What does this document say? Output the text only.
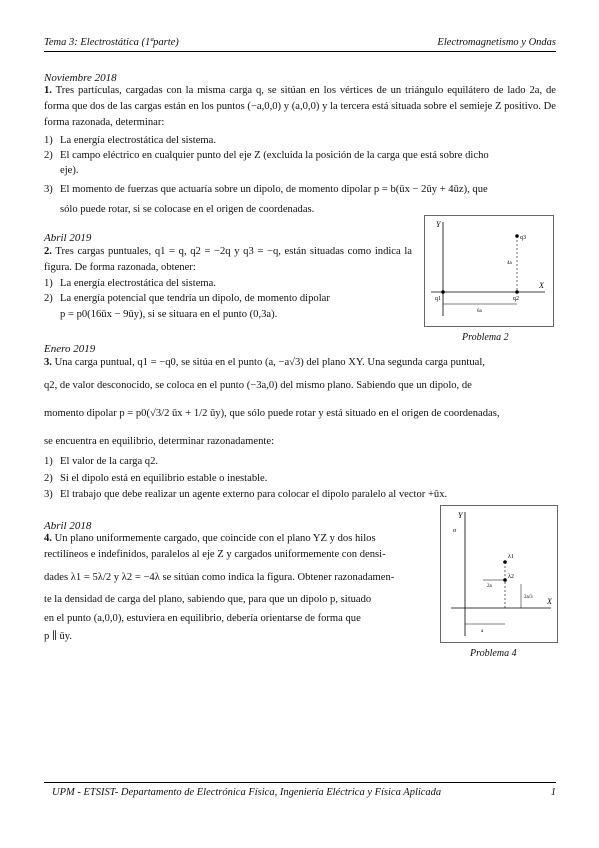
Tema 3: Electrostática (1ªparte)	Electromagnetismo y Ondas
Noviembre 2018
1. Tres partículas, cargadas con la misma carga q, se sitúan en los vértices de un triángulo equilátero de lado 2a, de forma que dos de las cargas están en los puntos (−a,0,0) y (a,0,0) y la tercera está situada sobre el semieje Z positivo. De forma razonada, determinar:
1) La energía electrostática del sistema.
2) El campo eléctrico en cualquier punto del eje Z (excluida la posición de la carga que está sobre dicho
eje).
3) El momento de fuerzas que actuaría sobre un dipolo, de momento dipolar p = b(ūx − 2ūy + 4ūz), que
sólo puede rotar, si se colocase en el origen de coordenadas.
Abril 2019
2. Tres cargas puntuales, q1 = q, q2 = −2q y q3 = −q, están situadas como indica la figura. De forma razonada, obtener:
1) La energía electrostática del sistema.
2) La energía potencial que tendría un dipolo, de momento dipolar
p = p0(16ūx − 9ūy), si se situara en el punto (0,3a).
Y
X
q1	q2
q3
4a
6a
Problema 2
Enero 2019
3. Una carga puntual, q1 = −q0, se sitúa en el punto (a, −a√3) del plano XY. Una segunda carga puntual,
q2, de valor desconocido, se coloca en el punto (−3a,0) del mismo plano. Sabiendo que un dipolo, de
momento dipolar p = p0(√3/2 ūx + 1/2 ūy), que sólo puede rotar y está situado en el origen de coordenadas,
se encuentra en equilibrio, determinar razonadamente:
1) El valor de la carga q2.
2) Si el dipolo está en equilibrio estable o inestable.
3) El trabajo que debe realizar un agente externo para colocar el dipolo paralelo al vector +ūx.
Abril 2018
4. Un plano uniformemente cargado, que coincide con el plano YZ y dos hilos
rectilíneos e indefinidos, paralelos al eje Z y cargados uniformemente con densi-
dades λ1 = 5λ/2 y λ2 = −4λ se sitúan como indica la figura. Obtener razonadamen-
te la densidad de carga del plano, sabiendo que, para que un dipolo p, situado
en el punto (a,0,0), estuviera en equilibrio, debería orientarse de forma que
p ∥ ūy.
Y
X
σ
λ1
λ2
2a
a
2a/3
Problema 4
UPM - ETSIST- Departamento de Electrónica Física, Ingeniería Eléctrica y Física Aplicada	1
